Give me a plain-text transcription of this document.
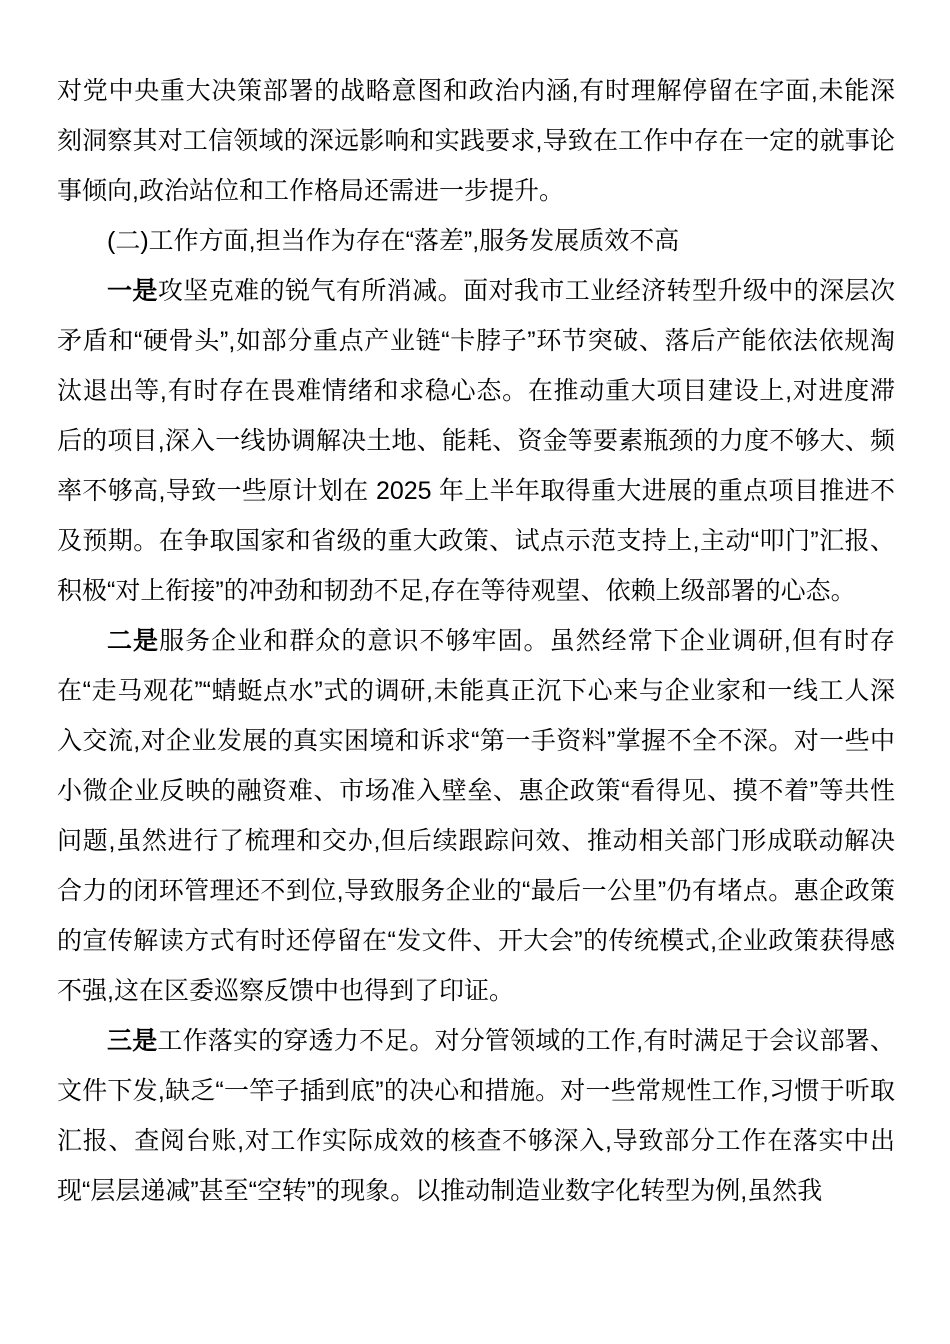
对党中央重大决策部署的战略意图和政治内涵,有时理解停留在字面,未能深刻洞察其对工信领域的深远影响和实践要求,导致在工作中存在一定的就事论事倾向,政治站位和工作格局还需进一步提升。

(二)工作方面,担当作为存在“落差”,服务发展质效不高

一是攻坚克难的锐气有所消减。面对我市工业经济转型升级中的深层次矛盾和“硬骨头”,如部分重点产业链“卡脖子”环节突破、落后产能依法依规淘汰退出等,有时存在畏难情绪和求稳心态。在推动重大项目建设上,对进度滞后的项目,深入一线协调解决土地、能耗、资金等要素瓶颈的力度不够大、频率不够高,导致一些原计划在 2025 年上半年取得重大进展的重点项目推进不及预期。在争取国家和省级的重大政策、试点示范支持上,主动“叩门”汇报、积极“对上衔接”的冲劲和韧劲不足,存在等待观望、依赖上级部署的心态。

二是服务企业和群众的意识不够牢固。虽然经常下企业调研,但有时存在“走马观花”“蜻蜓点水”式的调研,未能真正沉下心来与企业家和一线工人深入交流,对企业发展的真实困境和诉求“第一手资料”掌握不全不深。对一些中小微企业反映的融资难、市场准入壁垒、惠企政策“看得见、摸不着”等共性问题,虽然进行了梳理和交办,但后续跟踪问效、推动相关部门形成联动解决合力的闭环管理还不到位,导致服务企业的“最后一公里”仍有堵点。惠企政策的宣传解读方式有时还停留在“发文件、开大会”的传统模式,企业政策获得感不强,这在区委巡察反馈中也得到了印证。

三是工作落实的穿透力不足。对分管领域的工作,有时满足于会议部署、文件下发,缺乏“一竿子插到底”的决心和措施。对一些常规性工作,习惯于听取汇报、查阅台账,对工作实际成效的核查不够深入,导致部分工作在落实中出现“层层递减”甚至“空转”的现象。以推动制造业数字化转型为例,虽然我
